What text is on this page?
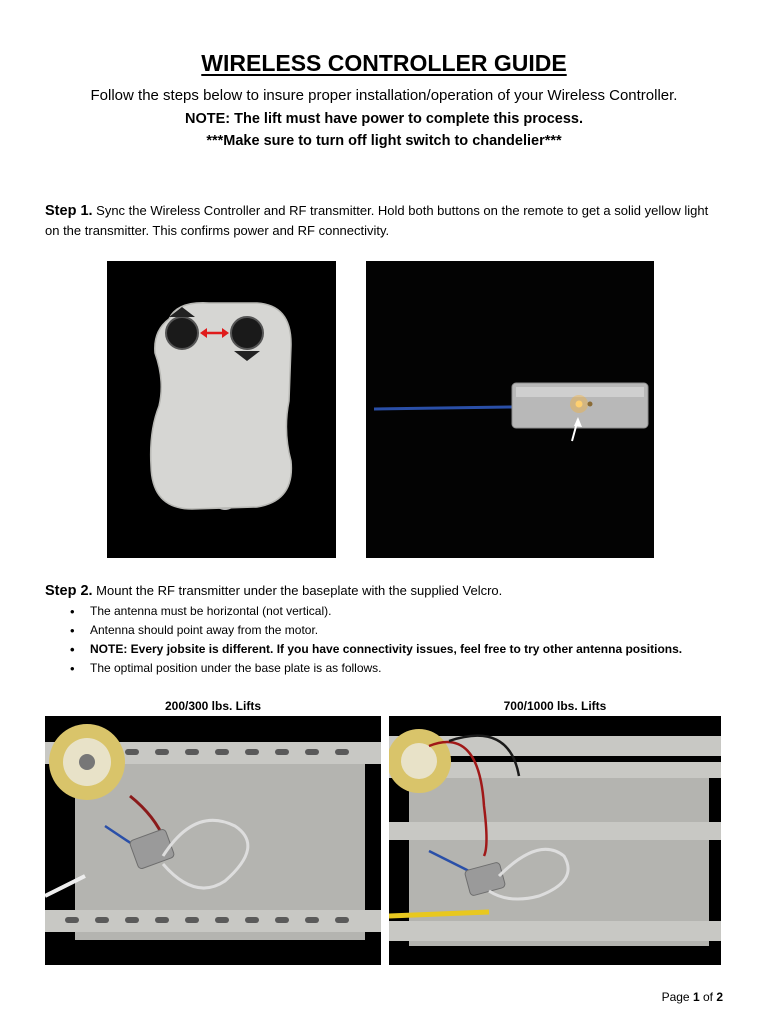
WIRELESS CONTROLLER GUIDE
Follow the steps below to insure proper installation/operation of your Wireless Controller.
NOTE: The lift must have power to complete this process.
***Make sure to turn off light switch to chandelier***
Step 1. Sync the Wireless Controller and RF transmitter. Hold both buttons on the remote to get a solid yellow light on the transmitter. This confirms power and RF connectivity.
Step 2. Mount the RF transmitter under the baseplate with the supplied Velcro.
• The antenna must be horizontal (not vertical).
• Antenna should point away from the motor.
• NOTE: Every jobsite is different. If you have connectivity issues, feel free to try other antenna positions.
• The optimal position under the base plate is as follows.
200/300 lbs. Lifts	700/1000 lbs. Lifts
Page 1 of 2
